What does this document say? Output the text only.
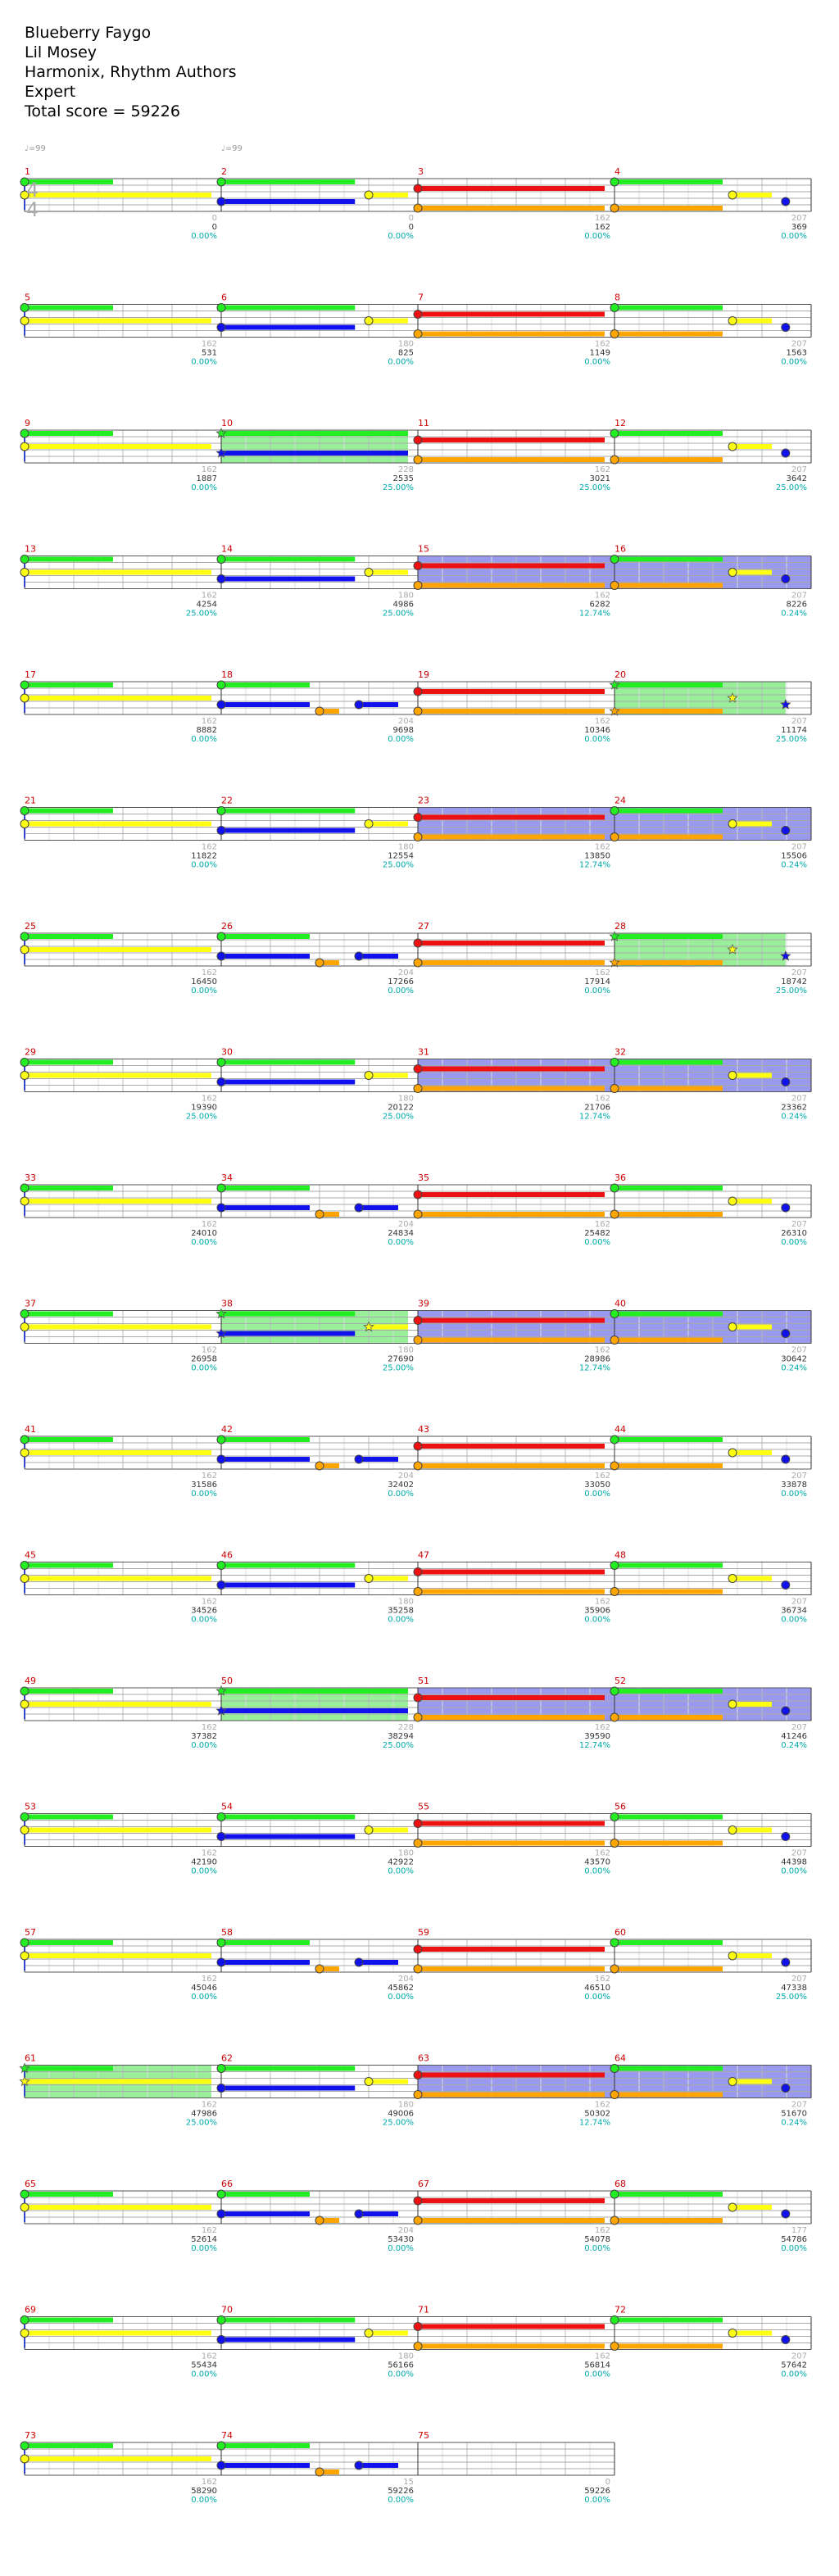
Blueberry Faygo
Lil Mosey
Harmonix, Rhythm Authors
Expert
Total score = 59226
♩=99	♩=99
1
4
4	0
0
0.00%
2
0
0
0.00%
3
162
162
0.00%
4
207
369
0.00%
5
162
531
0.00%
6
180
825
0.00%
7
162
1149
0.00%
8
207
1563
0.00%
9
162
1887
0.00%
10
228
2535
25.00%
11
162
3021
25.00%
12
207
3642
25.00%
13
162
4254
25.00%
14
180
4986
25.00%
15
162
6282
12.74%
16
207
8226
0.24%
17
162
8882
0.00%
18
204
9698
0.00%
19
162
10346
0.00%
20
207
11174
25.00%
21
162
11822
0.00%
22
180
12554
25.00%
23
162
13850
12.74%
24
207
15506
0.24%
25
162
16450
0.00%
26
204
17266
0.00%
27
162
17914
0.00%
28
207
18742
25.00%
29
162
19390
25.00%
30
180
20122
25.00%
31
162
21706
12.74%
32
207
23362
0.24%
33
162
24010
0.00%
34
204
24834
0.00%
35
162
25482
0.00%
36
207
26310
0.00%
37
162
26958
0.00%
38
180
27690
25.00%
39
162
28986
12.74%
40
207
30642
0.24%
41
162
31586
0.00%
42
204
32402
0.00%
43
162
33050
0.00%
44
207
33878
0.00%
45
162
34526
0.00%
46
180
35258
0.00%
47
162
35906
0.00%
48
207
36734
0.00%
49
162
37382
0.00%
50
228
38294
25.00%
51
162
39590
12.74%
52
207
41246
0.24%
53
162
42190
0.00%
54
180
42922
0.00%
55
162
43570
0.00%
56
207
44398
0.00%
57
162
45046
0.00%
58
204
45862
0.00%
59
162
46510
0.00%
60
207
47338
25.00%
61
162
47986
25.00%
62
180
49006
25.00%
63
162
50302
12.74%
64
207
51670
0.24%
65
162
52614
0.00%
66
204
53430
0.00%
67
162
54078
0.00%
68
177
54786
0.00%
69
162
55434
0.00%
70
180
56166
0.00%
71
162
56814
0.00%
72
207
57642
0.00%
73
162
58290
0.00%
74
15
59226
0.00%
75
0
59226
0.00%
